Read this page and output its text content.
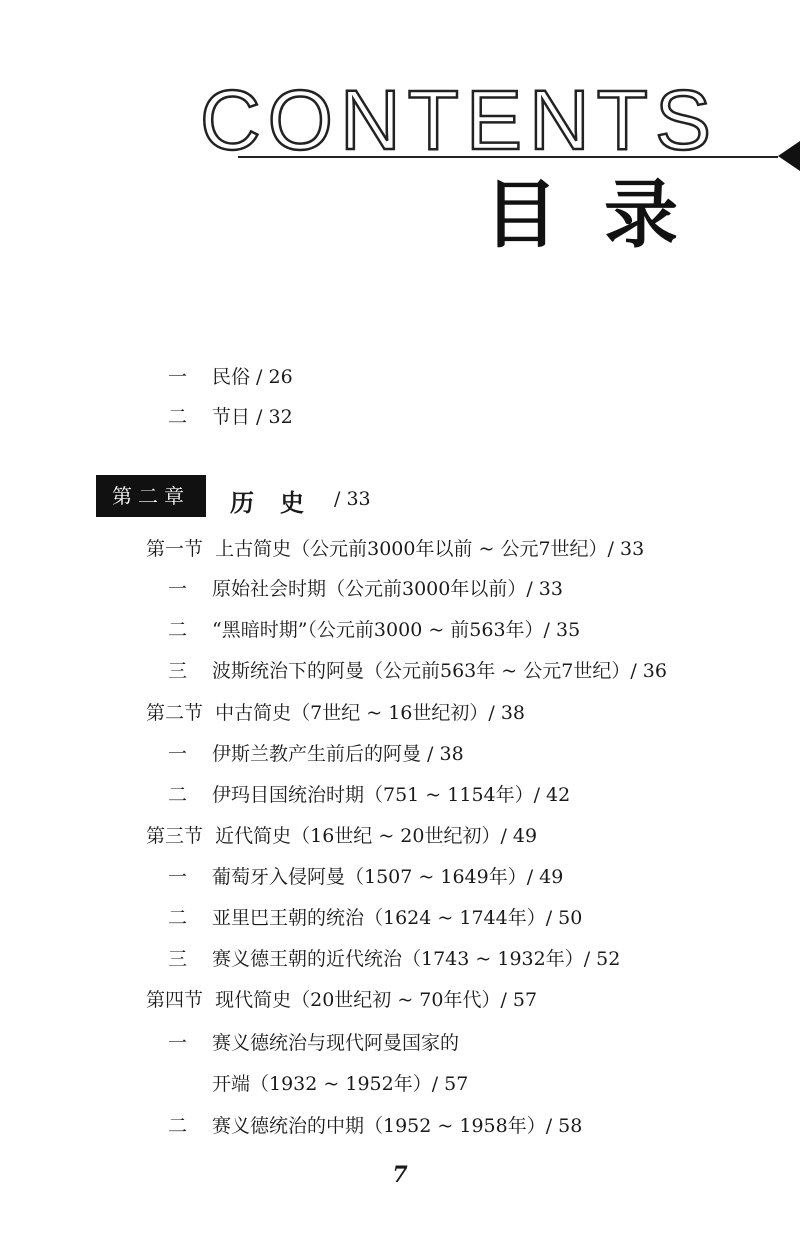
CONTENTS
目录
一 民俗 / 26
二 节日 / 32
第二章	历史 / 33
第一节 上古简史（公元前3000年以前 ~ 公元7世纪）/ 33
一 原始社会时期（公元前3000年以前）/ 33
二 “黑暗时期”（公元前3000 ~ 前563年）/ 35
三 波斯统治下的阿曼（公元前563年 ~ 公元7世纪）/ 36
第二节 中古简史（7世纪 ~ 16世纪初）/ 38
一 伊斯兰教产生前后的阿曼 / 38
二 伊玛目国统治时期（751 ~ 1154年）/ 42
第三节 近代简史（16世纪 ~ 20世纪初）/ 49
一 葡萄牙入侵阿曼（1507 ~ 1649年）/ 49
二 亚里巴王朝的统治（1624 ~ 1744年）/ 50
三 赛义德王朝的近代统治（1743 ~ 1932年）/ 52
第四节 现代简史（20世纪初 ~ 70年代）/ 57
一 赛义德统治与现代阿曼国家的
开端（1932 ~ 1952年）/ 57
二 赛义德统治的中期（1952 ~ 1958年）/ 58
7
